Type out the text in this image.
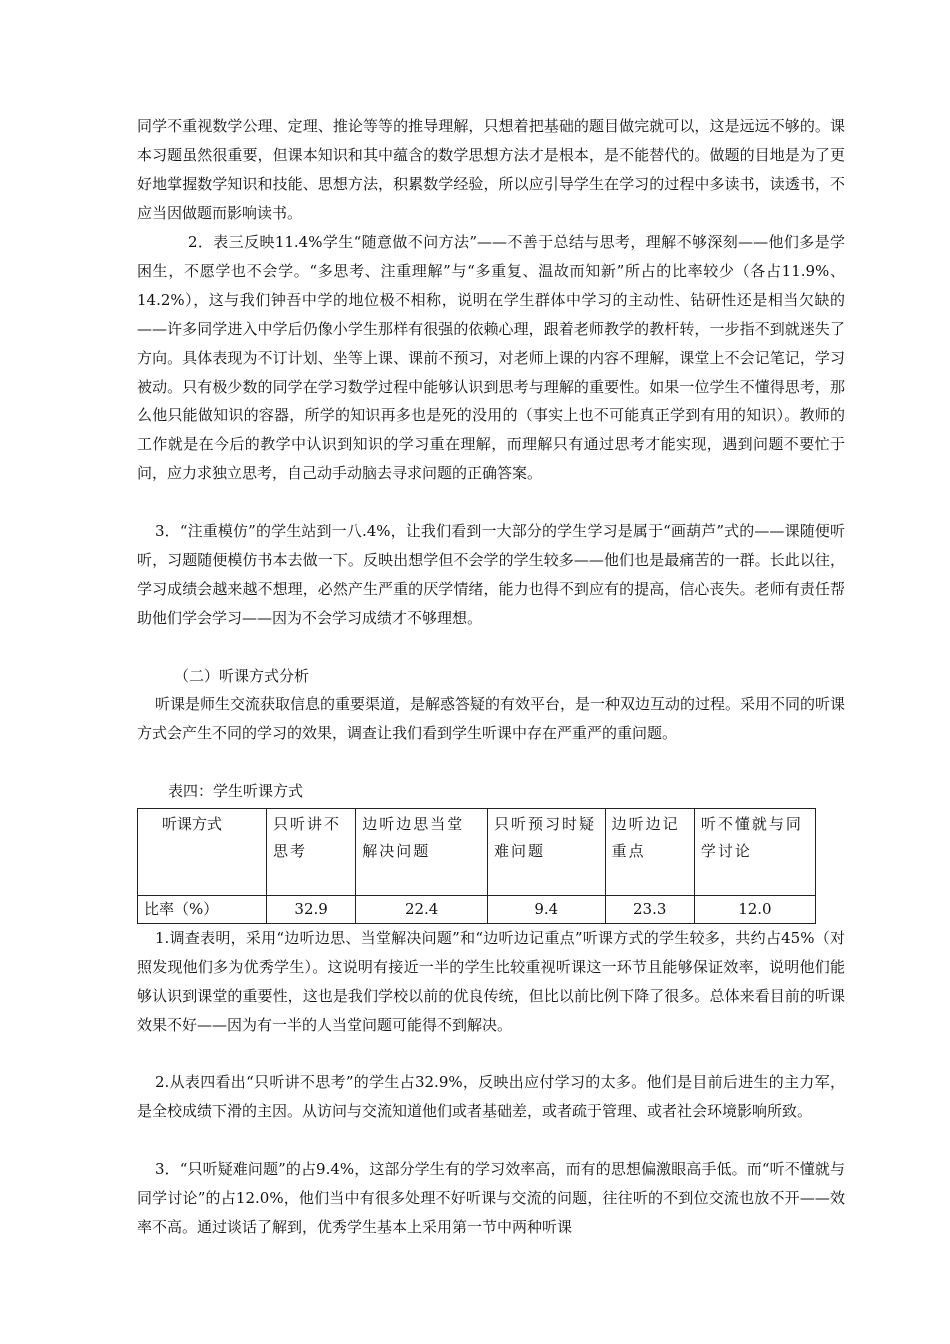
同学不重视数学公理、定理、推论等等的推导理解，只想着把基础的题目做完就可以，这是远远不够的。课本习题虽然很重要，但课本知识和其中蕴含的数学思想方法才是根本，是不能替代的。做题的目地是为了更好地掌握数学知识和技能、思想方法，积累数学经验，所以应引导学生在学习的过程中多读书，读透书，不应当因做题而影响读书。

2．表三反映11.4%学生“随意做不问方法”——不善于总结与思考，理解不够深刻——他们多是学困生，不愿学也不会学。“多思考、注重理解”与“多重复、温故而知新”所占的比率较少（各占11.9%、14.2%），这与我们钟吾中学的地位极不相称，说明在学生群体中学习的主动性、钻研性还是相当欠缺的——许多同学进入中学后仍像小学生那样有很强的依赖心理，跟着老师教学的教杆转，一步指不到就迷失了方向。具体表现为不订计划、坐等上课、课前不预习，对老师上课的内容不理解，课堂上不会记笔记，学习被动。只有极少数的同学在学习数学过程中能够认识到思考与理解的重要性。如果一位学生不懂得思考，那么他只能做知识的容器，所学的知识再多也是死的没用的（事实上也不可能真正学到有用的知识）。教师的工作就是在今后的教学中认识到知识的学习重在理解，而理解只有通过思考才能实现，遇到问题不要忙于问，应力求独立思考，自己动手动脑去寻求问题的正确答案。

3．“注重模仿”的学生站到一八.4%，让我们看到一大部分的学生学习是属于“画葫芦”式的——课随便听听，习题随便模仿书本去做一下。反映出想学但不会学的学生较多——他们也是最痛苦的一群。长此以往，学习成绩会越来越不想理，必然产生严重的厌学情绪，能力也得不到应有的提高，信心丧失。老师有责任帮助他们学会学习——因为不会学习成绩才不够理想。

（二）听课方式分析

听课是师生交流获取信息的重要渠道，是解惑答疑的有效平台，是一种双边互动的过程。采用不同的听课方式会产生不同的学习的效果，调查让我们看到学生听课中存在严重严的重问题。

表四：学生听课方式

听课方式	只听讲不思考	边听边思当堂解决问题	只听预习时疑难问题	边听边记重点	听不懂就与同学讨论
比率（%）	32.9	22.4	9.4	23.3	12.0

1.调查表明，采用“边听边思、当堂解决问题”和“边听边记重点”听课方式的学生较多，共约占45%（对照发现他们多为优秀学生）。这说明有接近一半的学生比较重视听课这一环节且能够保证效率，说明他们能够认识到课堂的重要性，这也是我们学校以前的优良传统，但比以前比例下降了很多。总体来看目前的听课效果不好——因为有一半的人当堂问题可能得不到解决。

2.从表四看出“只听讲不思考”的学生占32.9%，反映出应付学习的太多。他们是目前后进生的主力军，是全校成绩下滑的主因。从访问与交流知道他们或者基础差，或者疏于管理、或者社会环境影响所致。

3．“只听疑难问题”的占9.4%，这部分学生有的学习效率高，而有的思想偏激眼高手低。而“听不懂就与同学讨论”的占12.0%，他们当中有很多处理不好听课与交流的问题，往往听的不到位交流也放不开——效率不高。通过谈话了解到，优秀学生基本上采用第一节中两种听课
